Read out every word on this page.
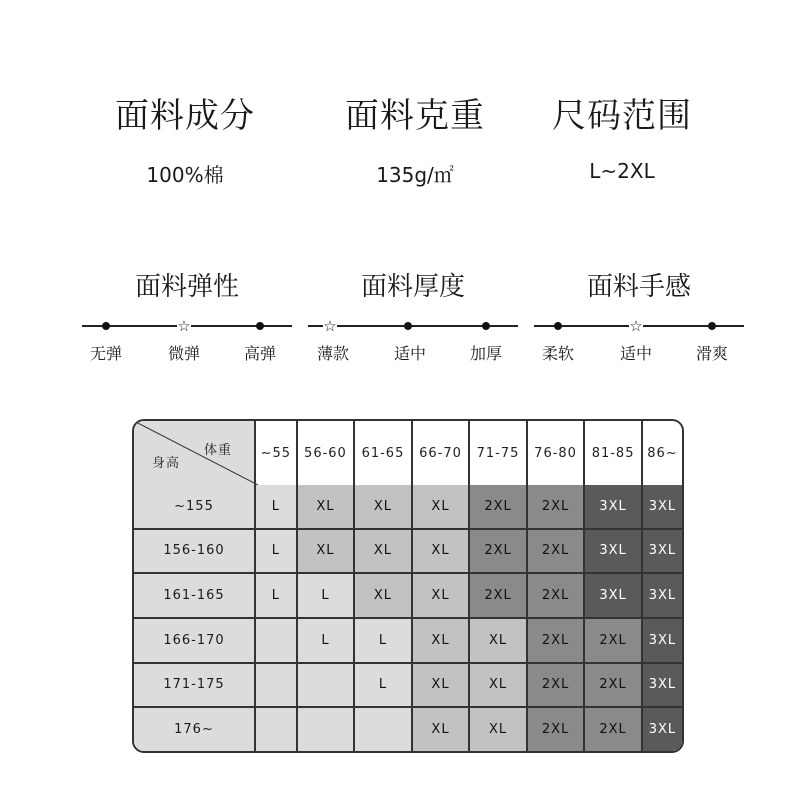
面料成分
100%棉
面料克重
135g/㎡
尺码范围
L~2XL
面料弹性
☆
无弹	微弹	高弹
面料厚度
☆
薄款	适中	加厚
面料手感
☆
柔软	适中	滑爽
体重
身高	~55	56-60	61-65	66-70	71-75	76-80	81-85	86~
~155	L	XL	XL	XL	2XL	2XL	3XL	3XL
156-160	L	XL	XL	XL	2XL	2XL	3XL	3XL
161-165	L	L	XL	XL	2XL	2XL	3XL	3XL
166-170		L	L	XL	XL	2XL	2XL	3XL
171-175			L	XL	XL	2XL	2XL	3XL
176~				XL	XL	2XL	2XL	3XL
